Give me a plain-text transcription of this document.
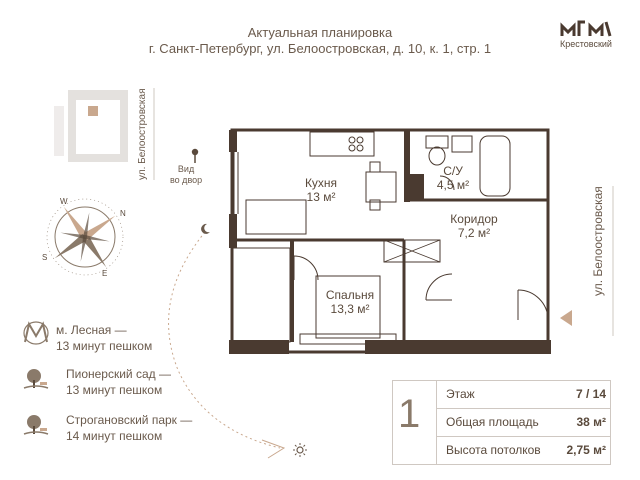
Актуальная планировка
г. Санкт-Петербург, ул. Белоостровская, д. 10, к. 1, стр. 1	Крестовский
ул. Белоостровская	Вид
во двор
N
E
S
W
Кухня
13 м²
С/У
4,5 м²
Коридор
7,2 м²
Спальня
13,3 м²
ул. Белоостровская
м. Лесная —
13 минут пешком
Пионерский сад —
13 минут пешком
Строгановский парк —
14 минут пешком	1 Этаж	7 / 14
Общая площадь	38 м²
Высота потолков 2,75 м²
